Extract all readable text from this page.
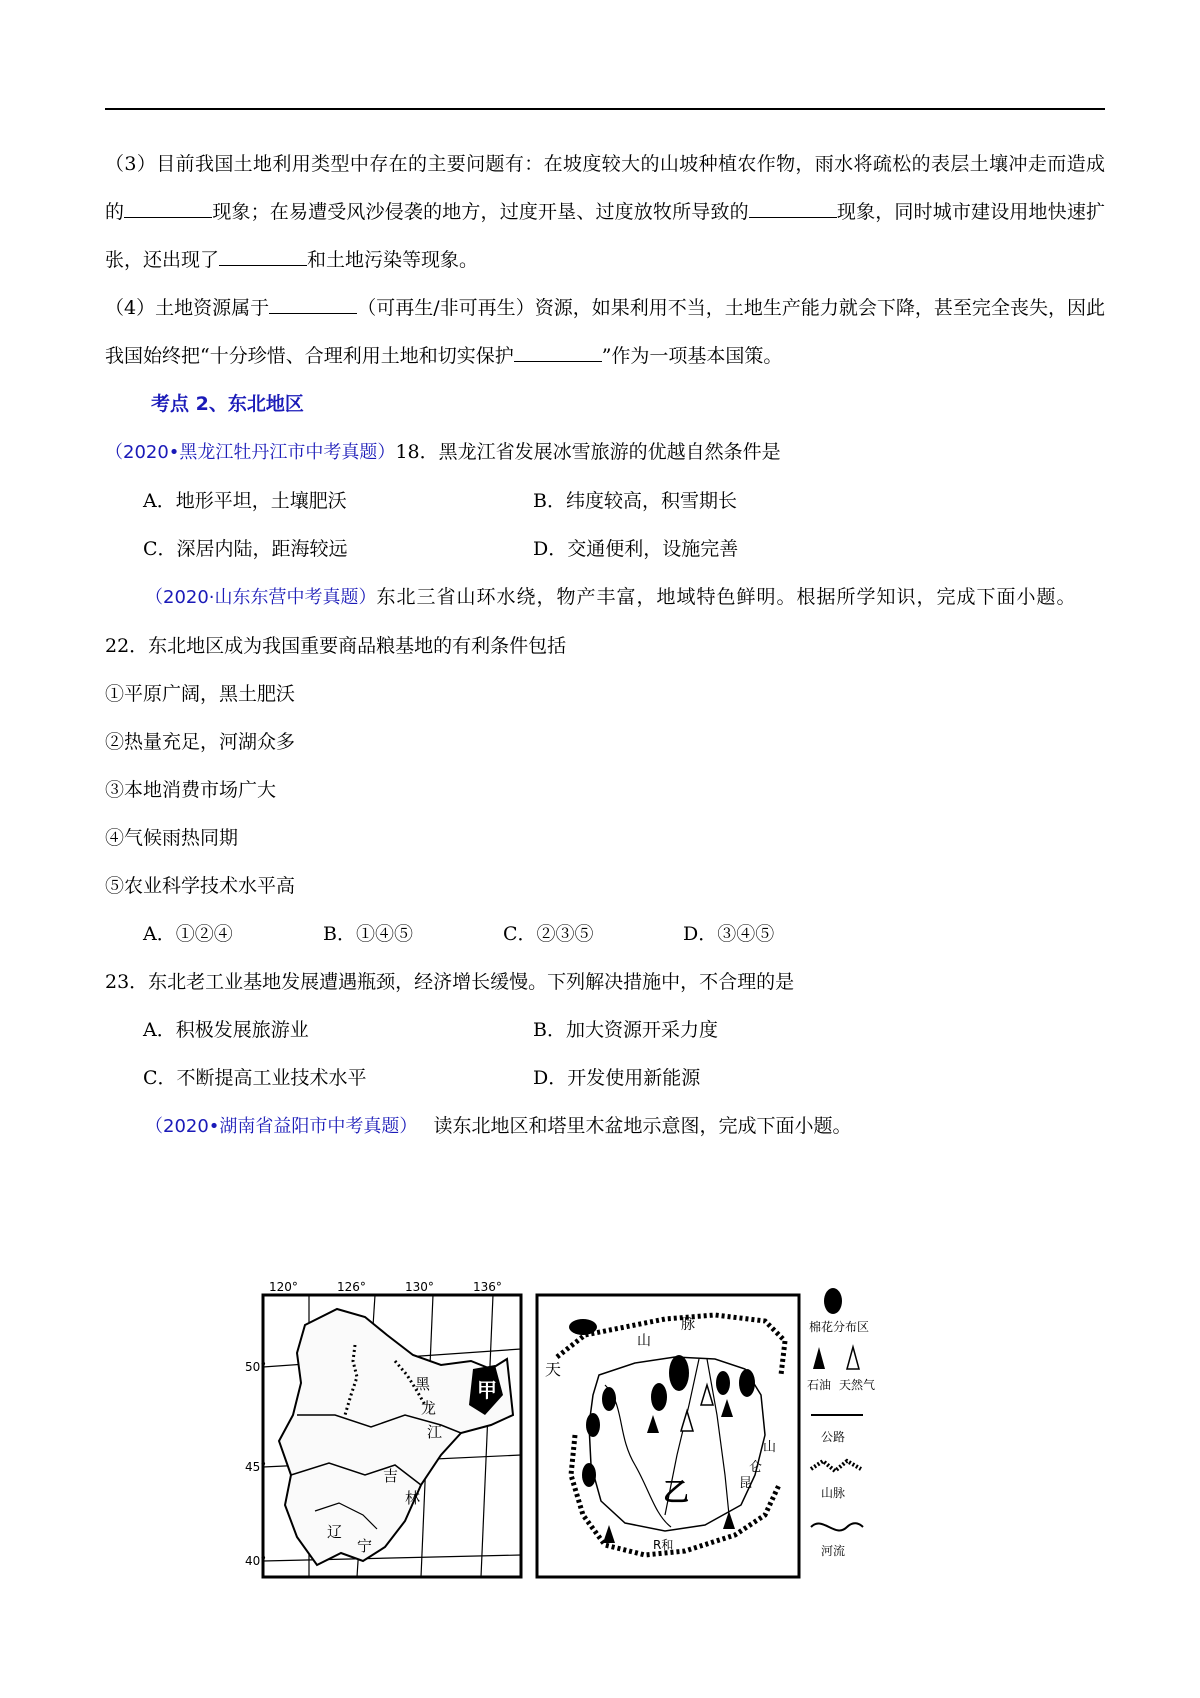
（3）目前我国土地利用类型中存在的主要问题有：在坡度较大的山坡种植农作物，雨水将疏松的表层土壤冲走而造成的	现象；在易遭受风沙侵袭的地方，过度开垦、过度放牧所导致的	现象，同时城市建设用地快速扩张，还出现了	和土地污染等现象。

（4）土地资源属于	（可再生/非可再生）资源，如果利用不当，土地生产能力就会下降，甚至完全丧失，因此我国始终把“十分珍惜、合理利用土地和切实保护	”作为一项基本国策。

考点 2、东北地区

（2020•黑龙江牡丹江市中考真题）18．黑龙江省发展冰雪旅游的优越自然条件是

A．地形平坦，土壤肥沃	B．纬度较高，积雪期长
C．深居内陆，距海较远	D．交通便利，设施完善

（2020·山东东营中考真题）东北三省山环水绕，物产丰富，地域特色鲜明。根据所学知识，完成下面小题。

22．东北地区成为我国重要商品粮基地的有利条件包括

①平原广阔，黑土肥沃

②热量充足，河湖众多

③本地消费市场广大

④气候雨热同期

⑤农业科学技术水平高

A．①②④	B．①④⑤	C．②③⑤	D．③④⑤

23．东北老工业基地发展遭遇瓶颈，经济增长缓慢。下列解决措施中，不合理的是

A．积极发展旅游业	B．加大资源开采力度
C．不断提高工业技术水平	D．开发使用新能源

（2020•湖南省益阳市中考真题） 读东北地区和塔里木盆地示意图，完成下面小题。

120°	126°	130°	136°
50°
45°
40°
甲
黑
龙
江
吉
林
辽
宁
天
山
脉
乙	昆
仑
R和
山
棉花分布区
石油 天然气
公路
山脉
河流
